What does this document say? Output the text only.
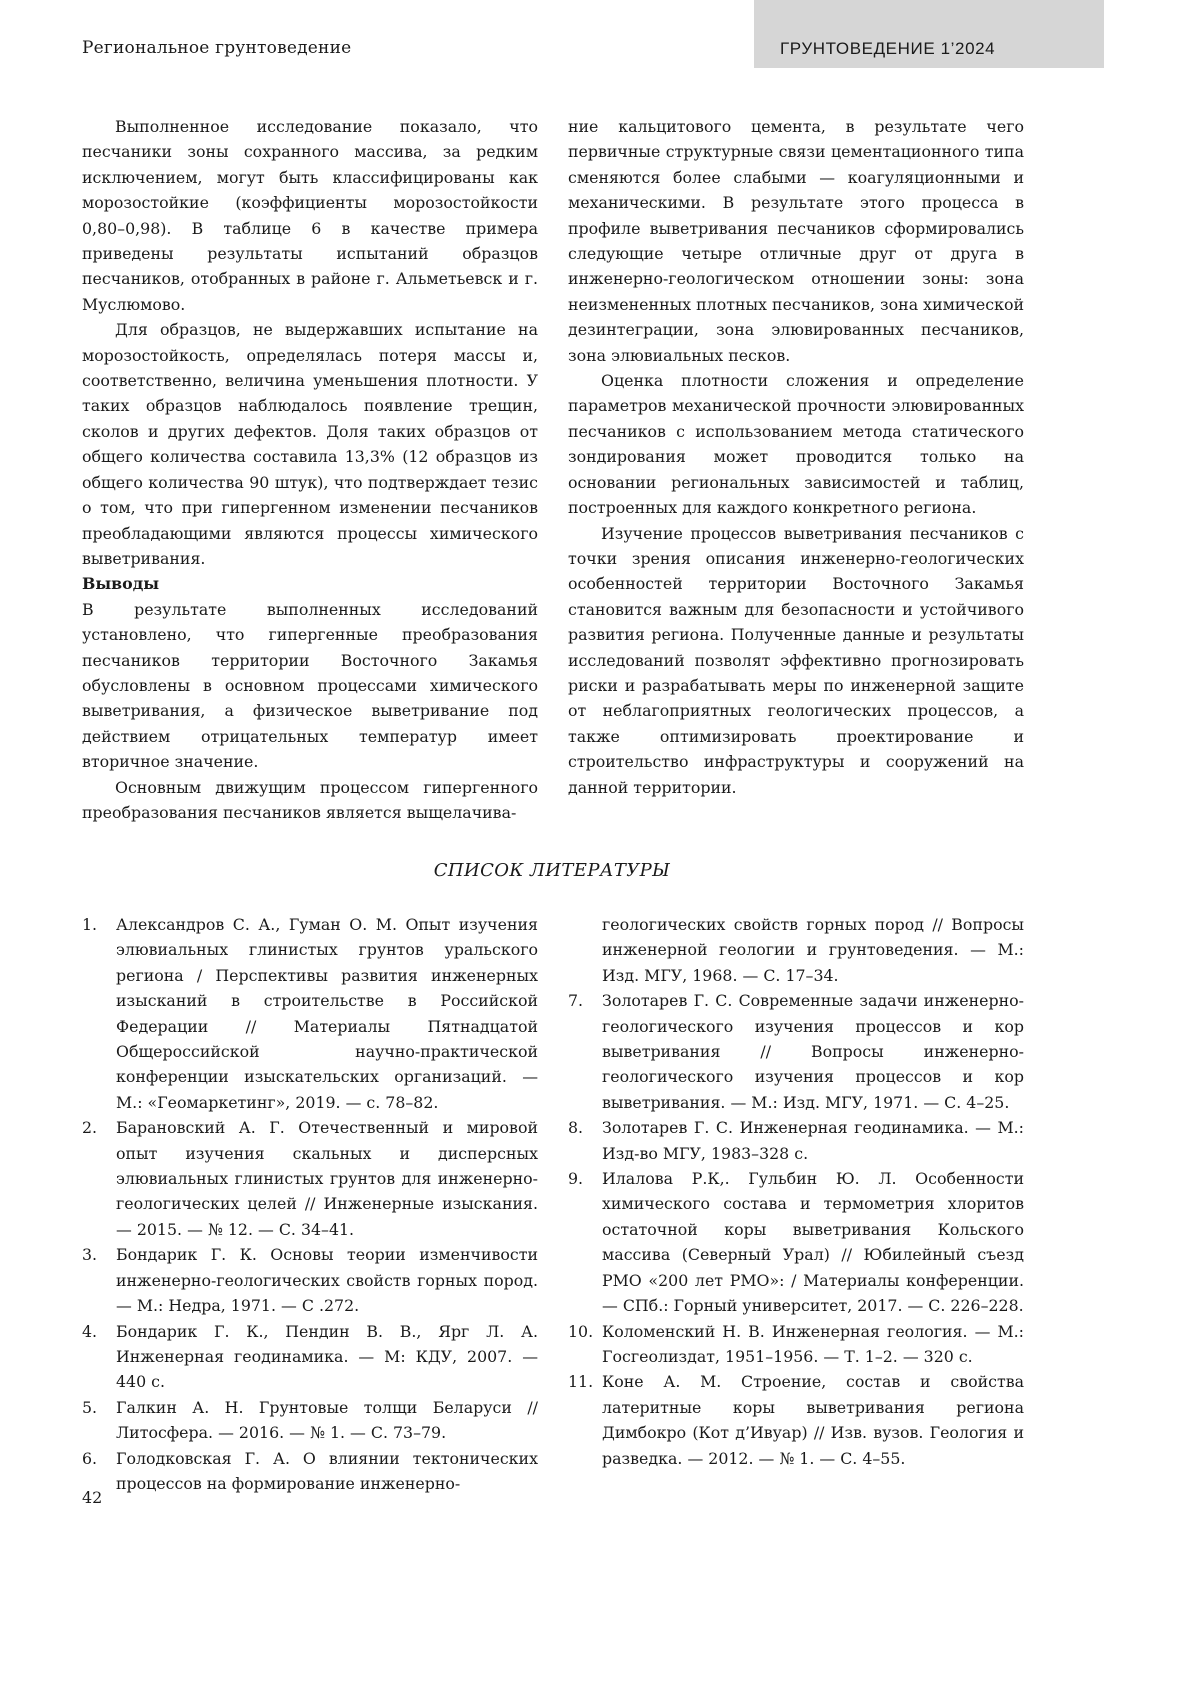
Региональное грунтоведение	ГРУНТОВЕДЕНИЕ 1’2024

Выполненное исследование показало, что песчаники зоны сохранного массива, за редким исключением, могут быть классифицированы как морозостойкие (коэффициенты морозостойкости 0,80–0,98). В таблице 6 в качестве примера приведены результаты испытаний образцов песчаников, отобранных в районе г. Альметьевск и г. Муслюмово.

Для образцов, не выдержавших испытание на морозостойкость, определялась потеря массы и, соответственно, величина уменьшения плотности. У таких образцов наблюдалось появление трещин, сколов и других дефектов. Доля таких образцов от общего количества составила 13,3% (12 образцов из общего количества 90 штук), что подтверждает тезис о том, что при гипергенном изменении песчаников преобладающими являются процессы химического выветривания.

Выводы

В результате выполненных исследований установлено, что гипергенные преобразования песчаников территории Восточного Закамья обусловлены в основном процессами химического выветривания, а физическое выветривание под действием отрицательных температур имеет вторичное значение.

Основным движущим процессом гипергенного преобразования песчаников является выщелачива-

ние кальцитового цемента, в результате чего первичные структурные связи цементационного типа сменяются более слабыми — коагуляционными и механическими. В результате этого процесса в профиле выветривания песчаников сформировались следующие четыре отличные друг от друга в инженерно-геологическом отношении зоны: зона неизмененных плотных песчаников, зона химической дезинтеграции, зона элювированных песчаников, зона элювиальных песков.

Оценка плотности сложения и определение параметров механической прочности элювированных песчаников с использованием метода статического зондирования может проводится только на основании региональных зависимостей и таблиц, построенных для каждого конкретного региона.

Изучение процессов выветривания песчаников с точки зрения описания инженерно-геологических особенностей территории Восточного Закамья становится важным для безопасности и устойчивого развития региона. Полученные данные и результаты исследований позволят эффективно прогнозировать риски и разрабатывать меры по инженерной защите от неблагоприятных геологических процессов, а также оптимизировать проектирование и строительство инфраструктуры и сооружений на данной территории.

СПИСОК ЛИТЕРАТУРЫ
1.	Александров С. А., Гуман О. М. Опыт изучения элювиальных глинистых грунтов уральского региона / Перспективы развития инженерных изысканий в строительстве в Российской Федерации // Материалы Пятнадцатой Общероссийской научно-практической конференции изыскательских организаций. — М.: «Геомаркетинг», 2019. — с. 78–82.
2.	Барановский А. Г. Отечественный и мировой опыт изучения скальных и дисперсных элювиальных глинистых грунтов для инженерно-геологических целей // Инженерные изыскания. — 2015. — № 12. — С. 34–41.
3.	Бондарик Г. К. Основы теории изменчивости инженерно-геологических свойств горных пород. — М.: Недра, 1971. — С .272.
4.	Бондарик Г. К., Пендин В. В., Ярг Л. А. Инженерная геодинамика. — М: КДУ, 2007. — 440 с.
5.	Галкин А. Н. Грунтовые толщи Беларуси // Литосфера. — 2016. — № 1. — С. 73–79.
6.	Голодковская Г. А. О влиянии тектонических процессов на формирование инженерно-
геологических свойств горных пород // Вопросы инженерной геологии и грунтоведения. — М.: Изд. МГУ, 1968. — С. 17–34.
7.	Золотарев Г. С. Современные задачи инженерно-геологического изучения процессов и кор выветривания // Вопросы инженерно-геологического изучения процессов и кор выветривания. — М.: Изд. МГУ, 1971. — С. 4–25.
8.	Золотарев Г. С. Инженерная геодинамика. — М.: Изд-во МГУ, 1983–328 с.
9.	Илалова Р.К,. Гульбин Ю. Л. Особенности химического состава и термометрия хлоритов остаточной коры выветривания Кольского массива (Северный Урал) // Юбилейный съезд РМО «200 лет РМО»: / Материалы конференции. — СПб.: Горный университет, 2017. — С. 226–228.
10. Коломенский Н. В. Инженерная геология. — М.: Госгеолиздат, 1951–1956. — Т. 1–2. — 320 с.
11. Коне А. М. Строение, состав и свойства латеритные коры выветривания региона Димбокро (Кот д’Ивуар) // Изв. вузов. Геология и разведка. — 2012. — № 1. — С. 4–55.
42
